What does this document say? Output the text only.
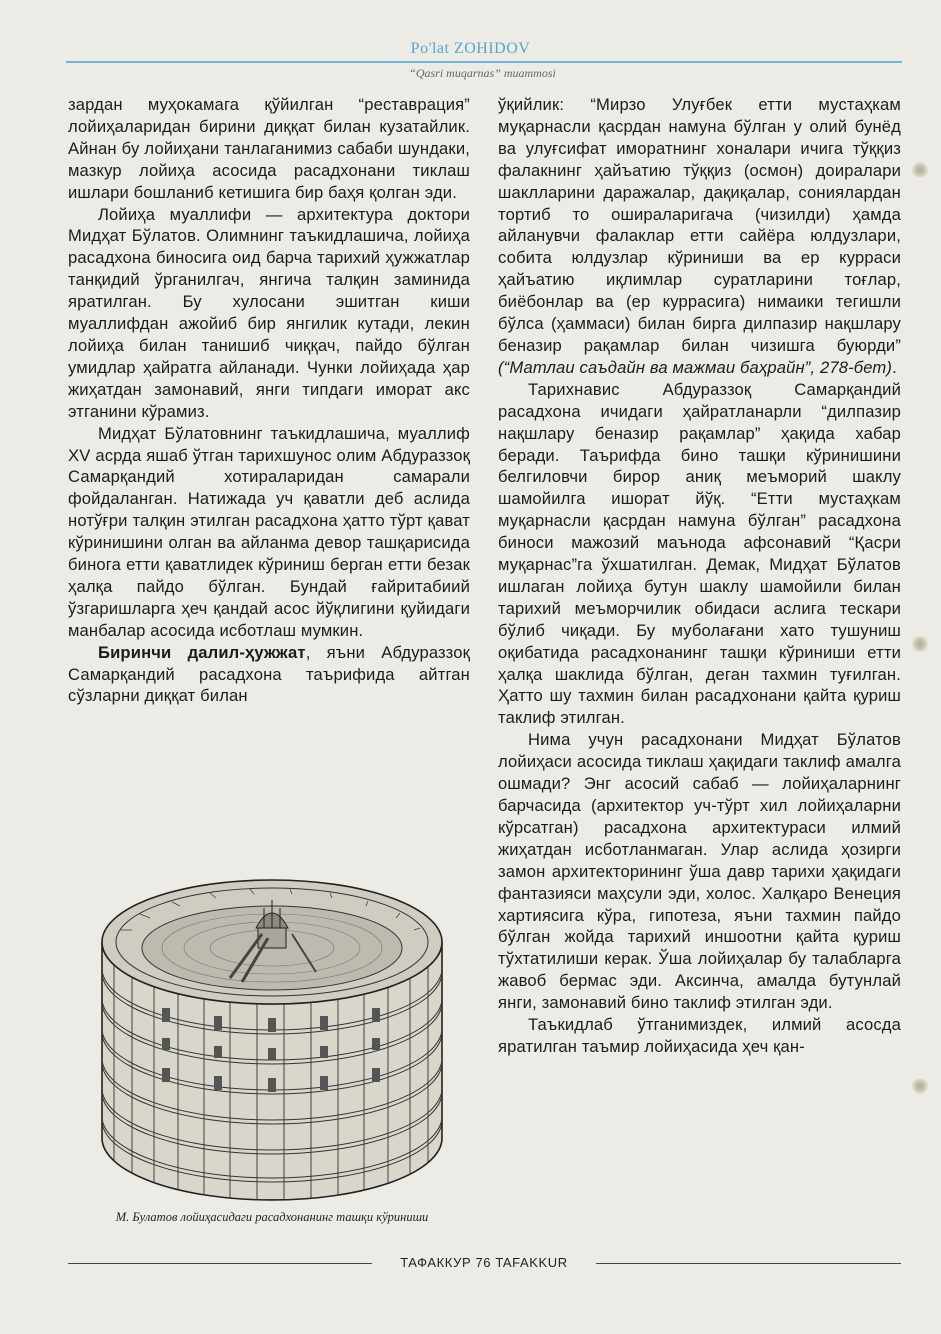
Po'lat ZOHIDOV
“Qasri muqarnas” muammosi

зардан муҳокамага қўйилган “реставрация” лойиҳаларидан бирини диққат билан кузатайлик. Айнан бу лойиҳани танлаганимиз сабаби шундаки, мазкур лойиҳа асосида расадхонани тиклаш ишлари бошланиб кетишига бир баҳя қолган эди.

Лойиҳа муаллифи — архитектура доктори Мидҳат Бўлатов. Олимнинг таъкидлашича, лойиҳа расадхона биносига оид барча тарихий ҳужжатлар танқидий ўрганилгач, янгича талқин заминида яратилган. Бу хулосани эшитган киши муаллифдан ажойиб бир янгилик кутади, лекин лойиҳа билан танишиб чиққач, пайдо бўлган умидлар ҳайратга айланади. Чунки лойиҳада ҳар жиҳатдан замонавий, янги типдаги иморат акс этганини кўрамиз.

Мидҳат Бўлатовнинг таъкидлашича, муаллиф XV асрда яшаб ўтган тарихшунос олим Абдураззоқ Самарқандий хотираларидан самарали фойдаланган. Натижада уч қаватли деб аслида нотўғри талқин этилган расадхона ҳатто тўрт қават кўринишини олган ва айланма девор ташқарисида бинога етти қаватлидек кўриниш берган етти безак ҳалқа пайдо бўлган. Бундай ғайритабиий ўзгаришларга ҳеч қандай асос йўқлигини қуйидаги манбалар асосида исботлаш мумкин.

Биринчи далил-ҳужжат, яъни Абдураззоқ Самарқандий расадхона таърифида айтган сўзларни диққат билан

М. Булатов лойиҳасидаги расадхонанинг ташқи кўриниши

ўқийлик: “Мирзо Улуғбек етти мустаҳкам муқарнасли қасрдан намуна бўлган у олий бунёд ва улуғсифат иморатнинг хоналари ичига тўққиз фалакнинг ҳайъатию тўққиз (осмон) доиралари шаклларини даражалар, дақиқалар, сониялардан тортиб то ошираларигача (чизилди) ҳамда айланувчи фалаклар етти сайёра юлдузлари, собита юлдузлар кўриниши ва ер курраси ҳайъатию иқлимлар суратларини тоғлар, биёбонлар ва (ер куррасига) нимаики тегишли бўлса (ҳаммаси) билан бирга дилпазир нақшлару беназир рақамлар билан чизишга буюрди” (“Матлаи саъдайн ва мажмаи баҳрайн”, 278-бет).

Тарихнавис Абдураззоқ Самарқандий расадхона ичидаги ҳайратланарли “дилпазир нақшлару беназир рақамлар” ҳақида хабар беради. Таърифда бино ташқи кўринишини белгиловчи бирор аниқ меъморий шаклу шамойилга ишорат йўқ. “Етти мустаҳкам муқарнасли қасрдан намуна бўлган” расадхона биноси мажозий маънода афсонавий “Қасри муқарнас”га ўхшатилган. Демак, Мидҳат Бўлатов ишлаган лойиҳа бутун шаклу шамойили билан тарихий меъморчилик обидаси аслига тескари бўлиб чиқади. Бу муболағани хато тушуниш оқибатида расадхонанинг ташқи кўриниши етти ҳалқа шаклида бўлган, деган тахмин туғилган. Ҳатто шу тахмин билан расадхонани қайта қуриш таклиф этилган.

Нима учун расадхонани Мидҳат Бўлатов лойиҳаси асосида тиклаш ҳақидаги таклиф амалга ошмади? Энг асосий сабаб — лойиҳаларнинг барчасида (архитектор уч-тўрт хил лойиҳаларни кўрсатган) расадхона архитектураси илмий жиҳатдан исботланмаган. Улар аслида ҳозирги замон архитекторининг ўша давр тарихи ҳақидаги фантазияси маҳсули эди, холос. Халқаро Венеция хартиясига кўра, гипотеза, яъни тахмин пайдо бўлган жойда тарихий иншоотни қайта қуриш тўхтатилиши керак. Ўша лойиҳалар бу талабларга жавоб бермас эди. Аксинча, амалда бутунлай янги, замонавий бино таклиф этилган эди.

Таъкидлаб ўтганимиздек, илмий асосда яратилган таъмир лойиҳасида ҳеч қан-

ТАФАККУР 76 TAFAKKUR
